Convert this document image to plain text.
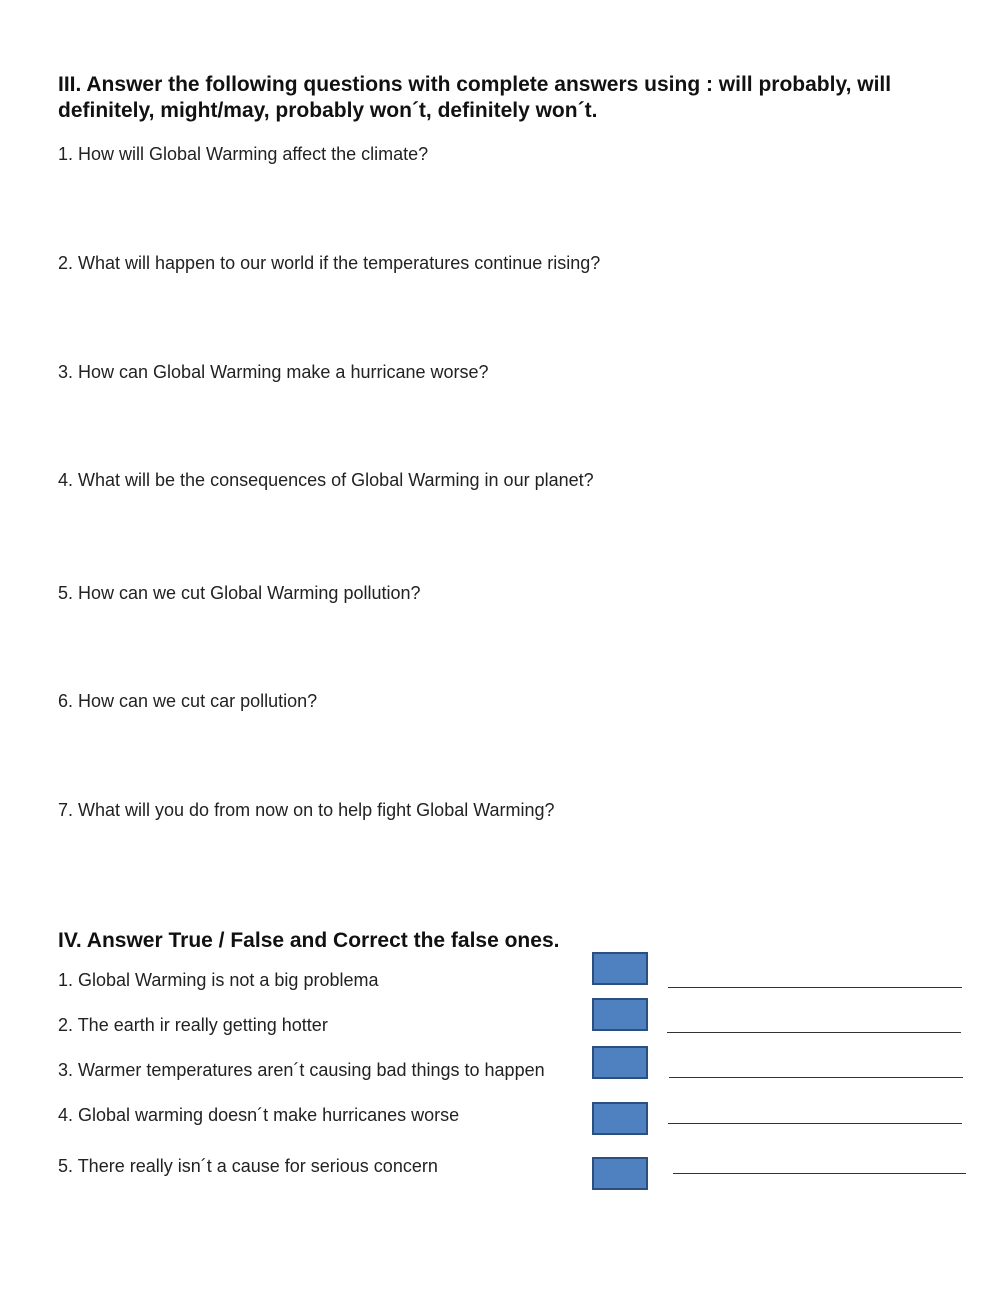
III. Answer the following questions with complete answers using : will probably, will definitely, might/may, probably won´t, definitely won´t.
1. How will Global Warming affect the climate?
2. What will happen to our world if the temperatures continue rising?
3. How can Global Warming make a hurricane worse?
4. What will be the consequences of Global Warming in our planet?
5. How can we cut Global Warming pollution?
6. How can we cut car pollution?
7. What will you do from now on to help fight Global Warming?
IV. Answer True / False and Correct the false ones.
1. Global Warming is not a big problema
2. The earth ir really getting hotter
3. Warmer temperatures aren´t causing bad things to happen
4. Global warming doesn´t make hurricanes worse
5. There really isn´t a cause for serious concern
